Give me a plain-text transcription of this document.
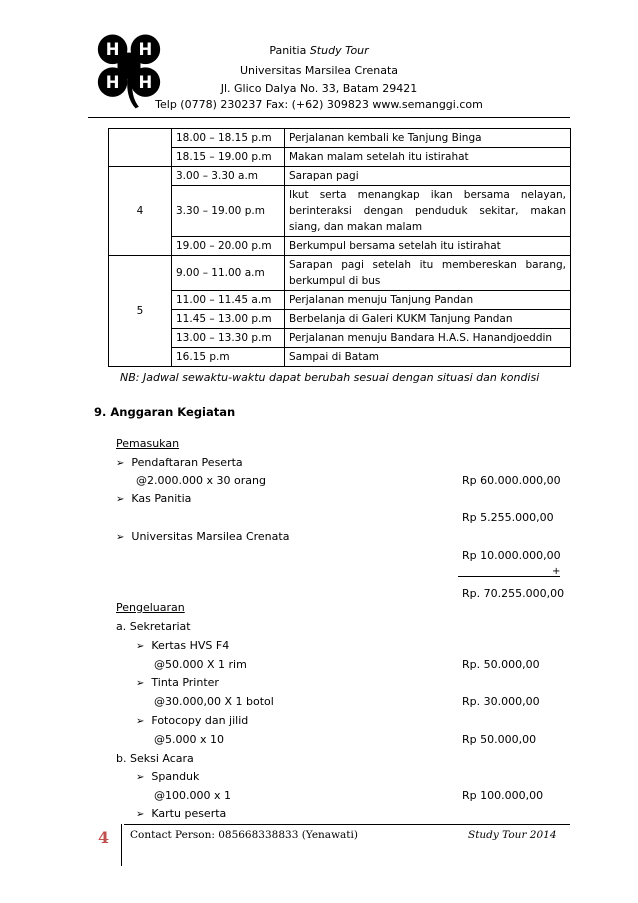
H H
H H
Panitia Study Tour
Universitas Marsilea Crenata
Jl. Glico Dalya No. 33, Batam 29421
Telp (0778) 230237 Fax: (+62) 309823 www.semanggi.com
	18.00 – 18.15 p.m	Perjalanan kembali ke Tanjung Binga
	18.15 – 19.00 p.m	Makan malam setelah itu istirahat
4	3.00 – 3.30 a.m	Sarapan pagi
	3.30 – 19.00 p.m	Ikut serta menangkap ikan bersama nelayan, berinteraksi dengan penduduk sekitar, makan siang, dan makan malam
	19.00 – 20.00 p.m	Berkumpul bersama setelah itu istirahat
5	9.00 – 11.00 a.m	Sarapan pagi setelah itu membereskan barang, berkumpul di bus
	11.00 – 11.45 a.m	Perjalanan menuju Tanjung Pandan
	11.45 – 13.00 p.m	Berbelanja di Galeri KUKM Tanjung Pandan
	13.00 – 13.30 p.m	Perjalanan menuju Bandara H.A.S. Hanandjoeddin
	16.15 p.m	Sampai di Batam
NB: Jadwal sewaktu-waktu dapat berubah sesuai dengan situasi dan kondisi
9. Anggaran Kegiatan
Pemasukan
➢ Pendaftaran Peserta
@2.000.000 x 30 orang	Rp 60.000.000,00
➢ Kas Panitia
Rp 5.255.000,00
➢ Universitas Marsilea Crenata
Rp 10.000.000,00
+
Rp. 70.255.000,00
Pengeluaran
a. Sekretariat
➢ Kertas HVS F4
@50.000 X 1 rim	Rp. 50.000,00
➢ Tinta Printer
@30.000,00 X 1 botol	Rp. 30.000,00
➢ Fotocopy dan jilid
@5.000 x 10	Rp 50.000,00
b. Seksi Acara
➢ Spanduk
@100.000 x 1	Rp 100.000,00
➢ Kartu peserta
4 Contact Person: 085668338833 (Yenawati)	Study Tour 2014
